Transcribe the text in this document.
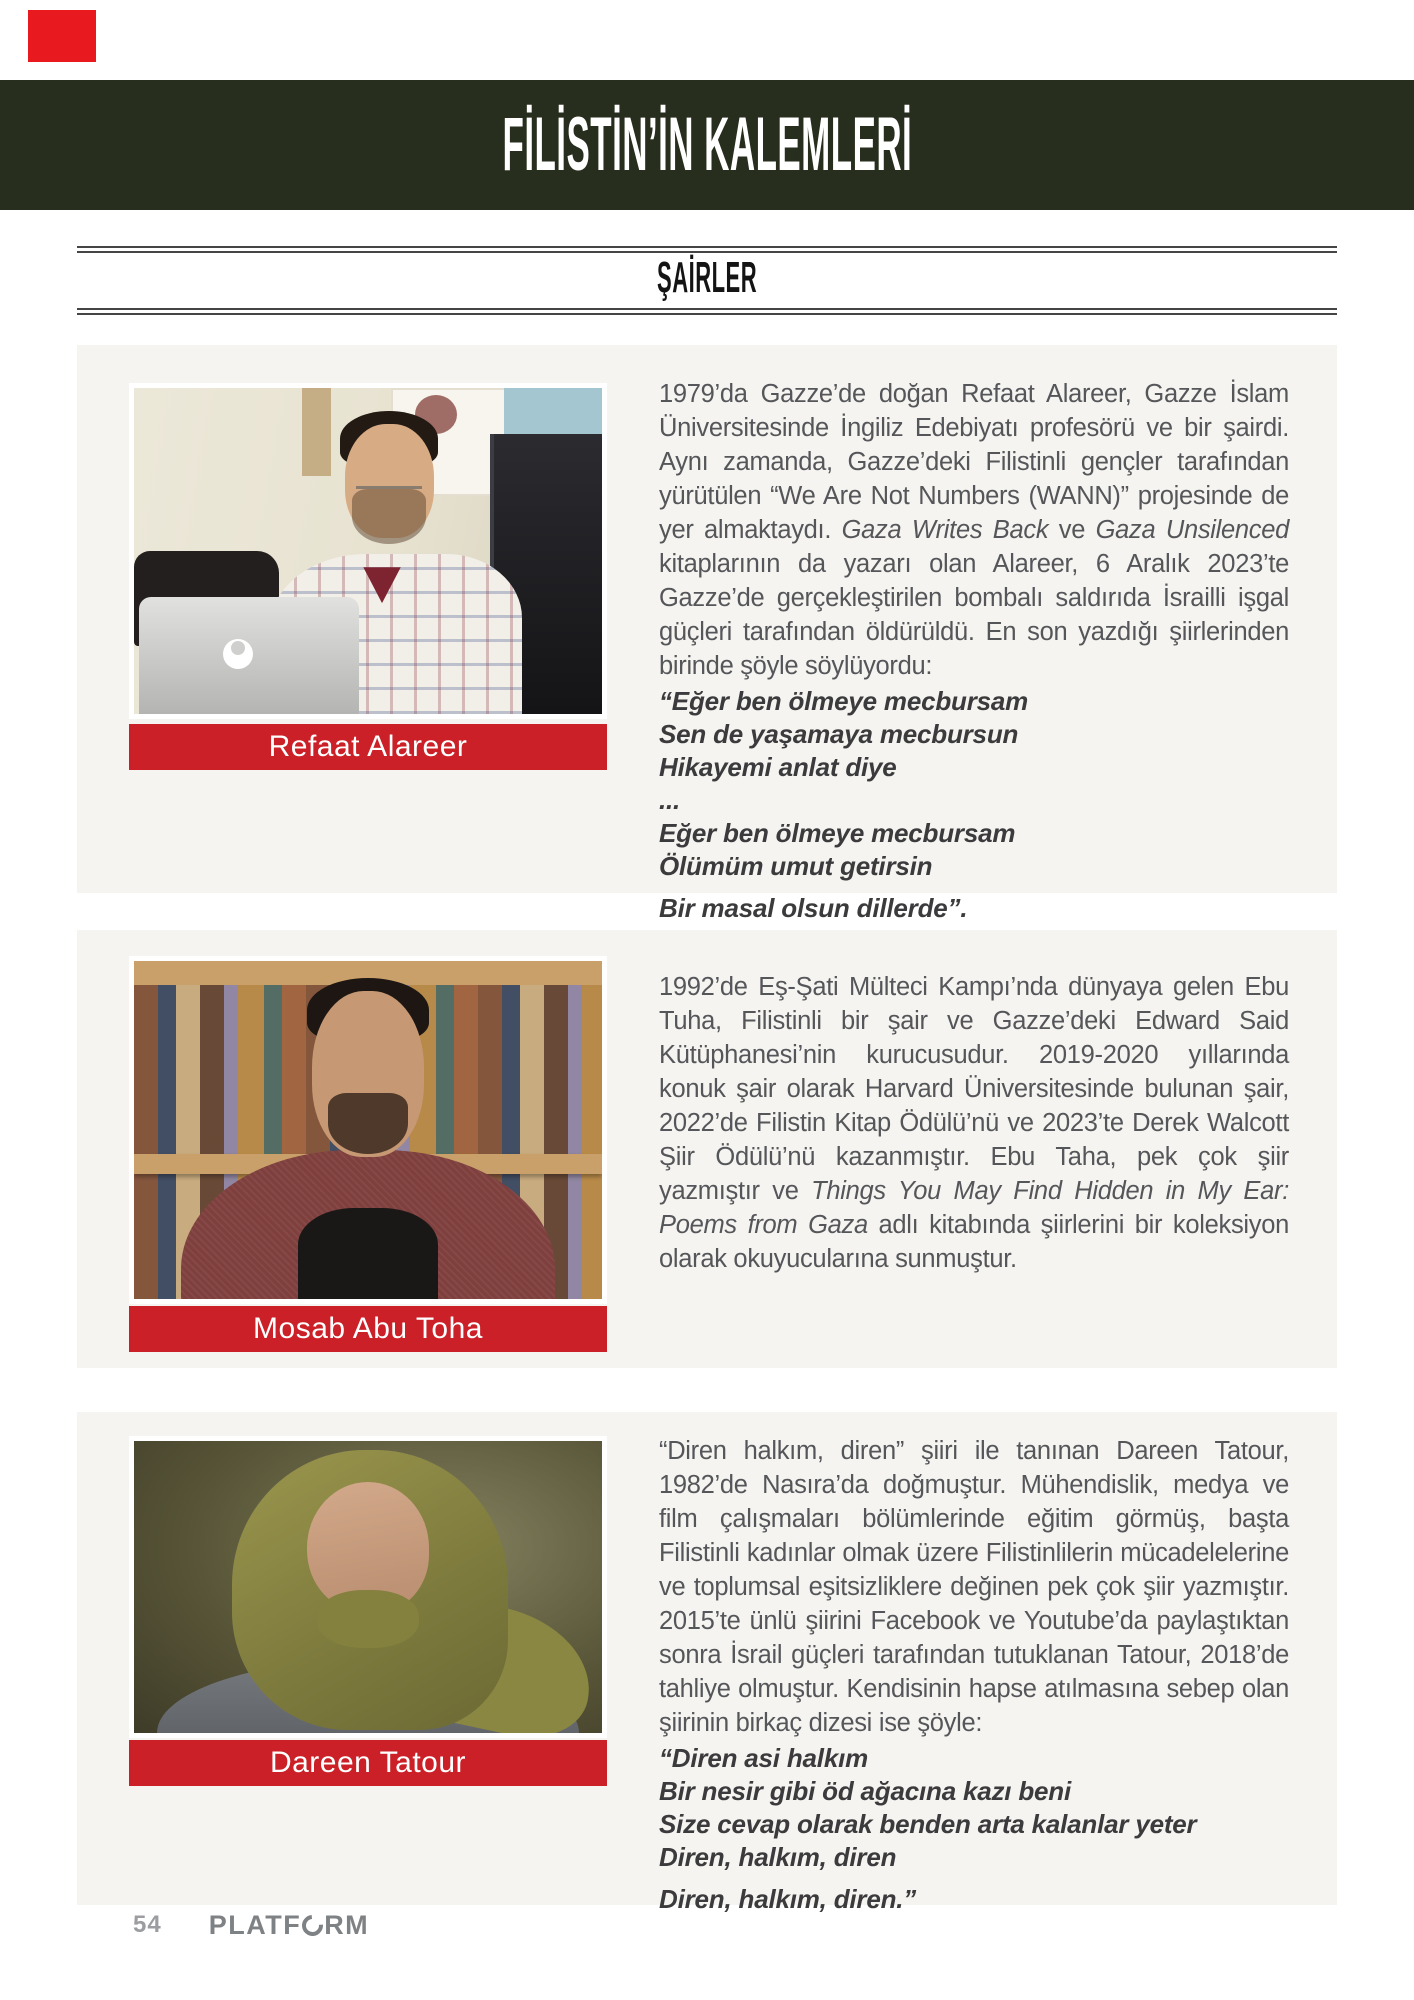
FİLİSTİN’İN KALEMLERİ
ŞAİRLER
Refaat Alareer
1979’da Gazze’de doğan Refaat Alareer, Gazze İslam Üniversitesinde İngiliz Edebiyatı profesörü ve bir şairdi. Aynı zamanda, Gazze’deki Filistinli gençler tarafından yürütülen “We Are Not Numbers (WANN)” projesinde de yer almaktaydı. Gaza Writes Back ve Gaza Unsilenced kitaplarının da yazarı olan Alareer, 6 Aralık 2023’te Gazze’de gerçekleştirilen bombalı saldırıda İsrailli işgal güçleri tarafından öldürüldü. En son yazdığı şiirlerinden birinde şöyle söylüyordu:
“Eğer ben ölmeye mecbursam
Sen de yaşamaya mecbursun
Hikayemi anlat diye
...
Eğer ben ölmeye mecbursam
Ölümüm umut getirsin
Bir masal olsun dillerde”.
Mosab Abu Toha
1992’de Eş-Şati Mülteci Kampı’nda dünyaya gelen Ebu Tuha, Filistinli bir şair ve Gazze’deki Edward Said Kütüphanesi’nin kurucusudur. 2019-2020 yıllarında konuk şair olarak Harvard Üniversitesinde bulunan şair, 2022’de Filistin Kitap Ödülü’nü ve 2023’te Derek Walcott Şiir Ödülü’nü kazanmıştır. Ebu Taha, pek çok şiir yazmıştır ve Things You May Find Hidden in My Ear: Poems from Gaza adlı kitabında şiirlerini bir koleksiyon olarak okuyucularına sunmuştur.
Dareen Tatour
“Diren halkım, diren” şiiri ile tanınan Dareen Tatour, 1982’de Nasıra’da doğmuştur. Mühendislik, medya ve film çalışmaları bölümlerinde eğitim görmüş, başta Filistinli kadınlar olmak üzere Filistinlilerin mücadelelerine ve toplumsal eşitsizliklere değinen pek çok şiir yazmıştır. 2015’te ünlü şiirini Facebook ve Youtube’da paylaştıktan sonra İsrail güçleri tarafından tutuklanan Tatour, 2018’de tahliye olmuştur. Kendisinin hapse atılmasına sebep olan şiirinin birkaç dizesi ise şöyle:
“Diren asi halkım
Bir nesir gibi öd ağacına kazı beni
Size cevap olarak benden arta kalanlar yeter
Diren, halkım, diren
Diren, halkım, diren.”
54 PLATF RM
